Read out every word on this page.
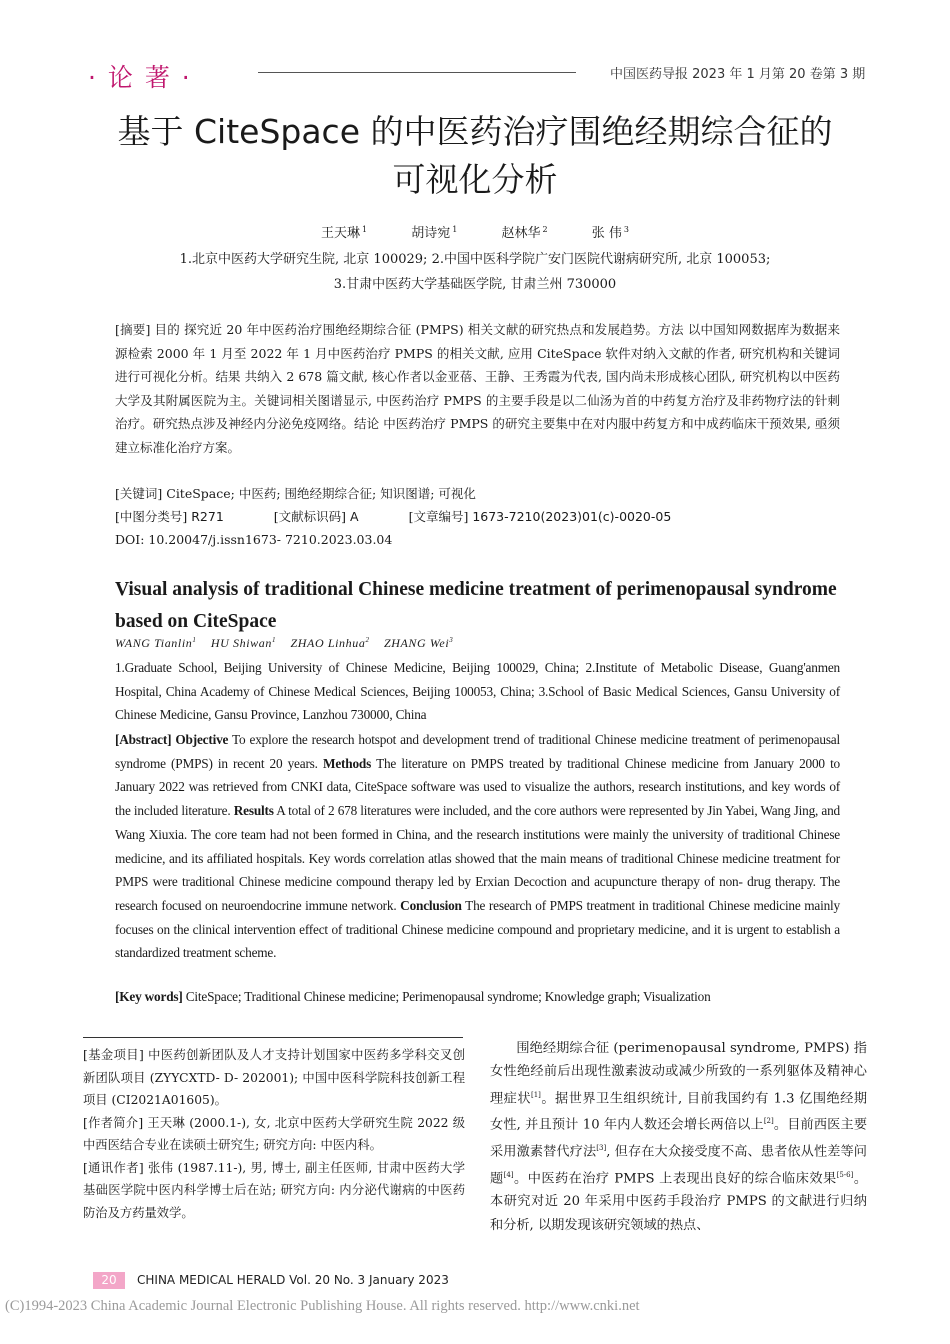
· 论 著 ·	中国医药导报 2023 年 1 月第 20 卷第 3 期
基于 CiteSpace 的中医药治疗围绝经期综合征的
可视化分析
王天琳 $^1$	胡诗宛 $^1$	赵林华 $^2$	张 伟 $^3$
1.北京中医药大学研究生院, 北京 100029; 2.中国中医科学院广安门医院代谢病研究所, 北京 100053;
3.甘肃中医药大学基础医学院, 甘肃兰州 730000
[摘要] 目的 探究近 20 年中医药治疗围绝经期综合征 (PMPS) 相关文献的研究热点和发展趋势。方法 以中国知网数据库为数据来源检索 2000 年 1 月至 2022 年 1 月中医药治疗 PMPS 的相关文献, 应用 CiteSpace 软件对纳入文献的作者, 研究机构和关键词进行可视化分析。结果 共纳入 2 678 篇文献, 核心作者以金亚蓓、王静、王秀霞为代表, 国内尚未形成核心团队, 研究机构以中医药大学及其附属医院为主。关键词相关图谱显示, 中医药治疗 PMPS 的主要手段是以二仙汤为首的中药复方治疗及非药物疗法的针刺治疗。研究热点涉及神经内分泌免疫网络。结论 中医药治疗 PMPS 的研究主要集中在对内服中药复方和中成药临床干预效果, 亟须建立标准化治疗方案。
[关键词] CiteSpace; 中医药; 围绝经期综合征; 知识图谱; 可视化
[中图分类号] R271	[文献标识码] A	[文章编号] 1673-7210(2023)01(c)-0020-05
DOI: 10.20047/j.issn1673- 7210.2023.03.04
Visual analysis of traditional Chinese medicine treatment of perimenopausal syndrome based on CiteSpace
WANG Tianlin$^1$ HU Shiwan$^1$ ZHAO Linhua$^2$ ZHANG Wei$^3$
1.Graduate School, Beijing University of Chinese Medicine, Beijing 100029, China; 2.Institute of Metabolic Disease, Guang'anmen Hospital, China Academy of Chinese Medical Sciences, Beijing 100053, China; 3.School of Basic Medical Sciences, Gansu University of Chinese Medicine, Gansu Province, Lanzhou 730000, China
[Abstract] Objective To explore the research hotspot and development trend of traditional Chinese medicine treatment of perimenopausal syndrome (PMPS) in recent 20 years. Methods The literature on PMPS treated by traditional Chinese medicine from January 2000 to January 2022 was retrieved from CNKI data, CiteSpace software was used to visualize the authors, research institutions, and key words of the included literature. Results A total of 2 678 literatures were included, and the core authors were represented by Jin Yabei, Wang Jing, and Wang Xiuxia. The core team had not been formed in China, and the research institutions were mainly the university of traditional Chinese medicine, and its affiliated hospitals. Key words correlation atlas showed that the main means of traditional Chinese medicine treatment for PMPS were traditional Chinese medicine compound therapy led by Erxian Decoction and acupuncture therapy of non- drug therapy. The research focused on neuroendocrine immune network. Conclusion The research of PMPS treatment in traditional Chinese medicine mainly focuses on the clinical intervention effect of traditional Chinese medicine compound and proprietary medicine, and it is urgent to establish a standardized treatment scheme.
[Key words] CiteSpace; Traditional Chinese medicine; Perimenopausal syndrome; Knowledge graph; Visualization

[基金项目] 中医药创新团队及人才支持计划国家中医药多学科交叉创新团队项目 (ZYYCXTD- D- 202001); 中国中医科学院科技创新工程项目 (CI2021A01605)。

[作者简介] 王天琳 (2000.1-), 女, 北京中医药大学研究生院 2022 级中西医结合专业在读硕士研究生; 研究方向: 中医内科。

[通讯作者] 张伟 (1987.11-), 男, 博士, 副主任医师, 甘肃中医药大学基础医学院中医内科学博士后在站; 研究方向: 内分泌代谢病的中医药防治及方药量效学。

围绝经期综合征 (perimenopausal syndrome, PMPS) 指女性绝经前后出现性激素波动或减少所致的一系列躯体及精神心理症状[1]。据世界卫生组织统计, 目前我国约有 1.3 亿围绝经期女性, 并且预计 10 年内人数还会增长两倍以上[2]。目前西医主要采用激素替代疗法[3], 但存在大众接受度不高、患者依从性差等问题[4]。中医药在治疗 PMPS 上表现出良好的综合临床效果[5-6]。本研究对近 20 年采用中医药手段治疗 PMPS 的文献进行归纳和分析, 以期发现该研究领域的热点、

20	CHINA MEDICAL HERALD Vol. 20 No. 3 January 2023
(C)1994-2023 China Academic Journal Electronic Publishing House. All rights reserved. http://www.cnki.net
